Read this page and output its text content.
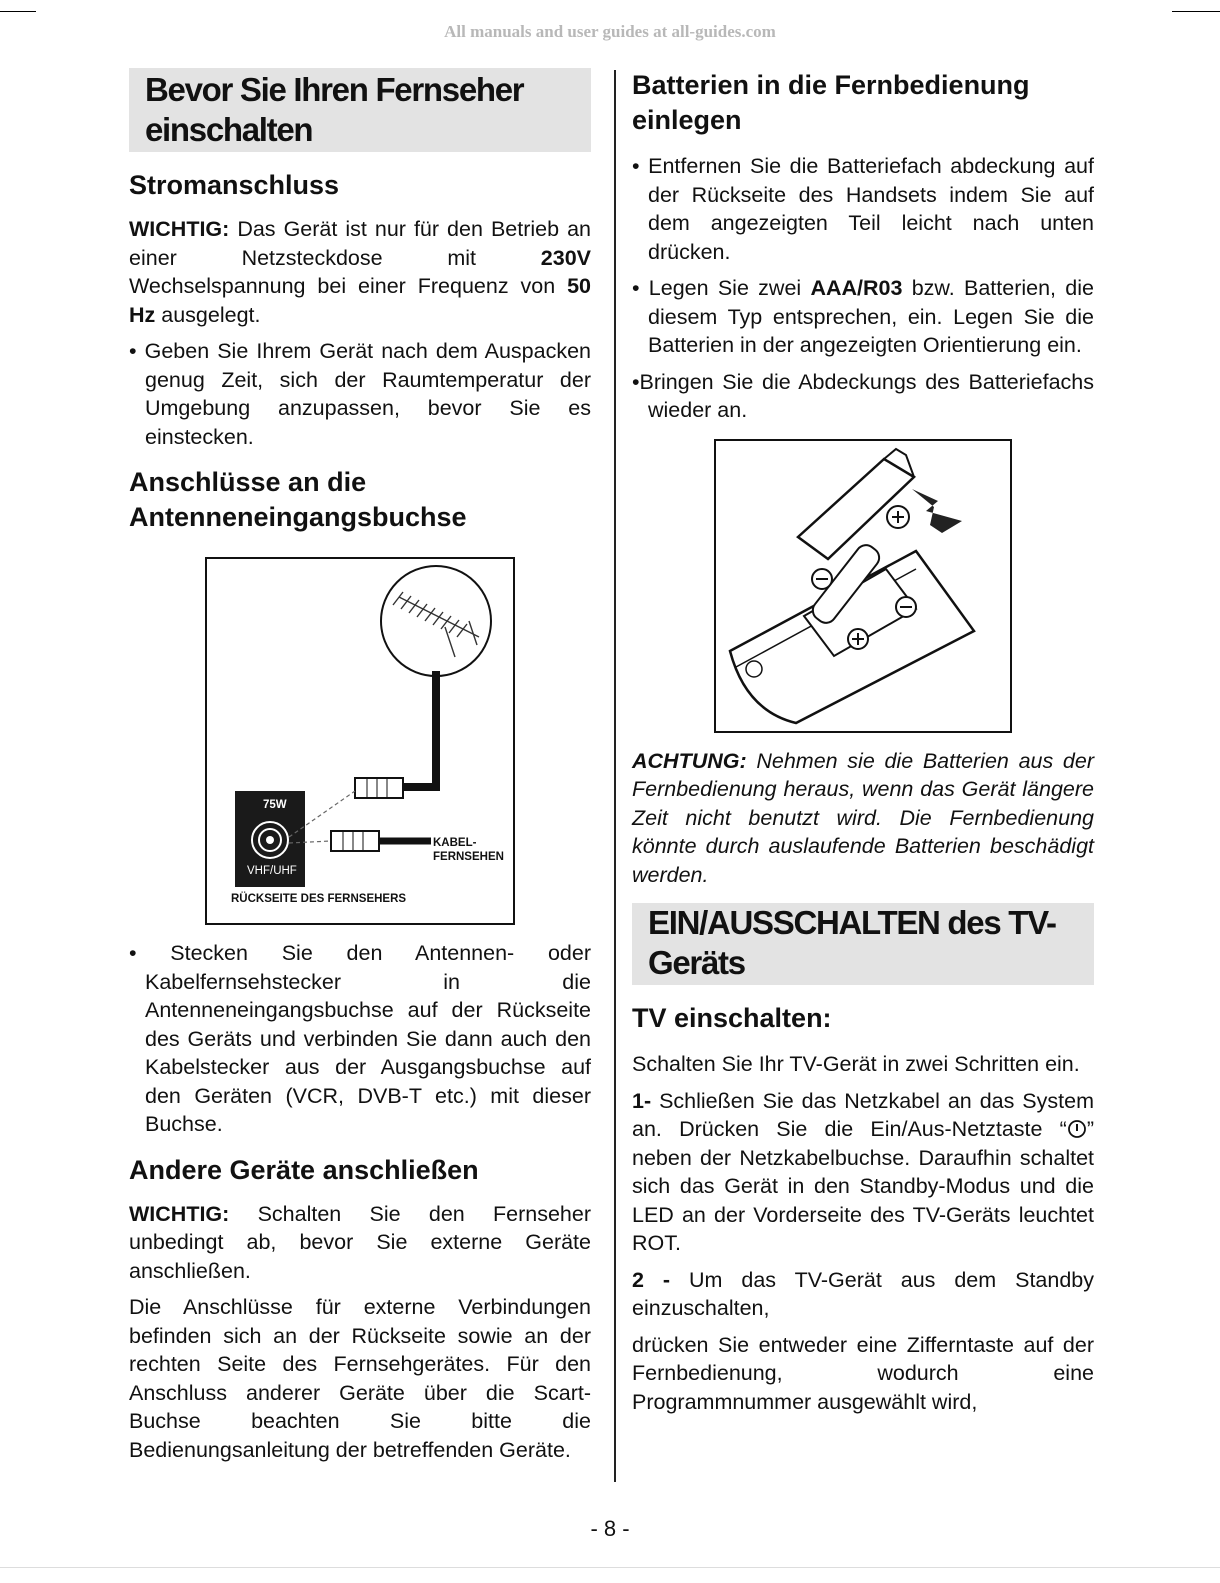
All manuals and user guides at all-guides.com
Bevor Sie Ihren Fernseher
einschalten
Stromanschluss

WICHTIG: Das Gerät ist nur für den Betrieb an einer Netzsteckdose mit 230V Wechselspannung bei einer Frequenz von 50 Hz ausgelegt.

• Geben Sie Ihrem Gerät nach dem Auspacken genug Zeit, sich der Raumtemperatur der Umgebung anzupassen, bevor Sie es einstecken.

Anschlüsse an die
Antenneneingangsbuchse
75W
VHF/UHF
KABEL-
FERNSEHEN
RÜCKSEITE DES FERNSEHERS

• Stecken Sie den Antennen- oder Kabelfernsehstecker in die Antenneneingangsbuchse auf der Rückseite des Geräts und verbinden Sie dann auch den Kabelstecker aus der Ausgangsbuchse auf den Geräten (VCR, DVB-T etc.) mit dieser Buchse.

Andere Geräte anschließen

WICHTIG: Schalten Sie den Fernseher unbedingt ab, bevor Sie externe Geräte anschließen.

Die Anschlüsse für externe Verbindungen befinden sich an der Rückseite sowie an der rechten Seite des Fernsehgerätes. Für den Anschluss anderer Geräte über die Scart-Buchse beachten Sie bitte die Bedienungsanleitung der betreffenden Geräte.

Batterien in die Fernbedienung
einlegen

• Entfernen Sie die Batteriefach abdeckung auf der Rückseite des Handsets indem Sie auf dem angezeigten Teil leicht nach unten drücken.

• Legen Sie zwei AAA/R03 bzw. Batterien, die diesem Typ entsprechen, ein. Legen Sie die Batterien in der angezeigten Orientierung ein.

•Bringen Sie die Abdeckungs des Batteriefachs wieder an.

ACHTUNG: Nehmen sie die Batterien aus der Fernbedienung heraus, wenn das Gerät längere Zeit nicht benutzt wird. Die Fernbedienung könnte durch auslaufende Batterien beschädigt werden.

EIN/AUSSCHALTEN des TV-
Geräts
TV einschalten:

Schalten Sie Ihr TV-Gerät in zwei Schritten ein.

1- Schließen Sie das Netzkabel an das System an. Drücken Sie die Ein/Aus-Netztaste “ ” neben der Netzkabelbuchse. Daraufhin schaltet sich das Gerät in den Standby-Modus und die LED an der Vorderseite des TV-Geräts leuchtet ROT.

2 - Um das TV-Gerät aus dem Standby einzuschalten,

drücken Sie entweder eine Zifferntaste auf der Fernbedienung, wodurch eine Programmnummer ausgewählt wird,

- 8 -
